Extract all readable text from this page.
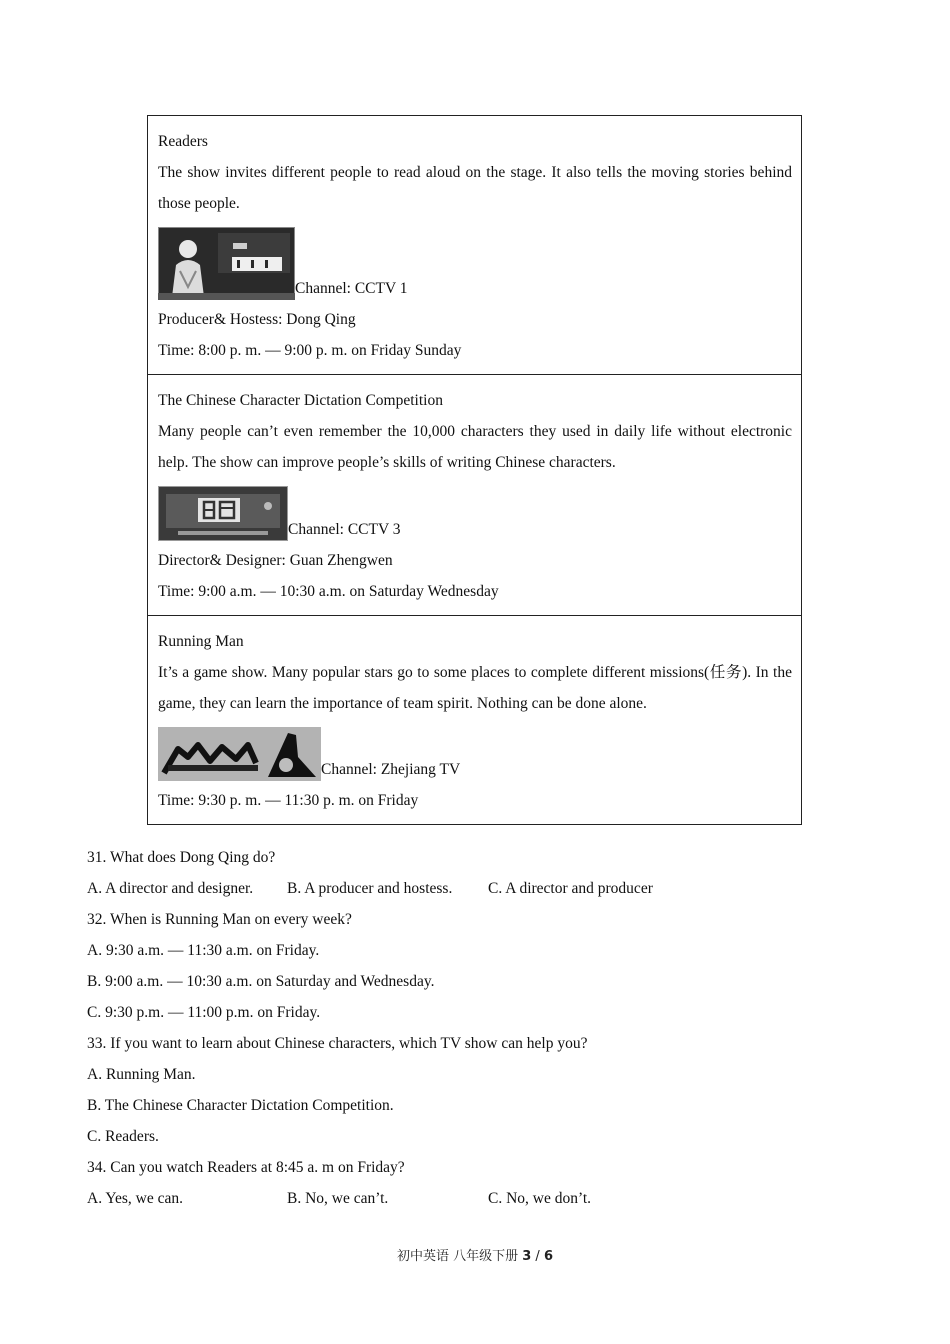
Readers
The show invites different people to read aloud on the stage. It also tells the moving stories behind those people.
Channel: CCTV 1
Producer& Hostess: Dong Qing
Time: 8:00 p. m. — 9:00 p. m. on Friday Sunday
The Chinese Character Dictation Competition
Many people can’t even remember the 10,000 characters they used in daily life without electronic help. The show can improve people’s skills of writing Chinese characters.
Channel: CCTV 3
Director& Designer: Guan Zhengwen
Time: 9:00 a.m. — 10:30 a.m. on Saturday Wednesday
Running Man
It’s a game show. Many popular stars go to some places to complete different missions(任务). In the game, they can learn the importance of team spirit. Nothing can be done alone.
Channel: Zhejiang TV
Time: 9:30 p. m. — 11:30 p. m. on Friday
31. What does Dong Qing do?
A. A director and designer. B. A producer and hostess. C. A director and producer
32. When is Running Man on every week?
A. 9:30 a.m. — 11:30 a.m. on Friday.
B. 9:00 a.m. — 10:30 a.m. on Saturday and Wednesday.
C. 9:30 p.m. — 11:00 p.m. on Friday.
33. If you want to learn about Chinese characters, which TV show can help you?
A. Running Man.
B. The Chinese Character Dictation Competition.
C. Readers.
34. Can you watch Readers at 8:45 a. m on Friday?
A. Yes, we can.	B. No, we can’t.	C. No, we don’t.
初中英语 八年级下册 3 / 6
